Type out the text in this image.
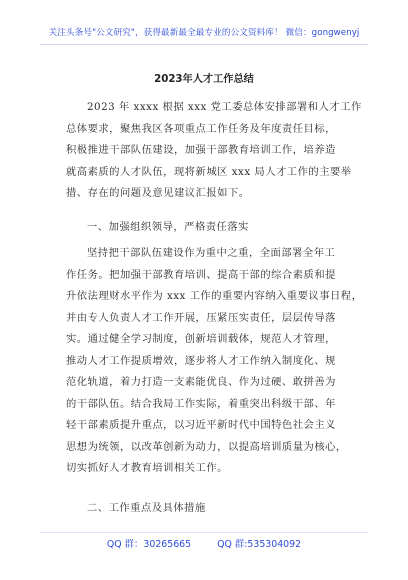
关注头条号"公文研究"，获得最新最全最专业的公文资料库！ 微信：gongwenyj
2023年人才工作总结
2023 年 xxxx 根据 xxx 党工委总体安排部署和人才工作
总体要求，聚焦我区各项重点工作任务及年度责任目标，
积极推进干部队伍建设，加强干部教育培训工作，培养造
就高素质的人才队伍，现将新城区 xxx 局人才工作的主要举
措、存在的问题及意见建议汇报如下。
一、加强组织领导，严格责任落实
坚持把干部队伍建设作为重中之重，全面部署全年工
作任务。把加强干部教育培训、提高干部的综合素质和提
升依法理财水平作为 xxx 工作的重要内容纳入重要议事日程，
并由专人负责人才工作开展，压紧压实责任，层层传导落
实。通过健全学习制度，创新培训载体，规范人才管理，
推动人才工作提质增效，逐步将人才工作纳入制度化、规
范化轨道，着力打造一支素能优良、作为过硬、敢拼善为
的干部队伍。结合我局工作实际，着重突出科级干部、年
轻干部素质提升重点，以习近平新时代中国特色社会主义
思想为统领，以改革创新为动力，以提高培训质量为核心，
切实抓好人才教育培训相关工作。
二、工作重点及具体措施
QQ 群：30265665	QQ 群:535304092
